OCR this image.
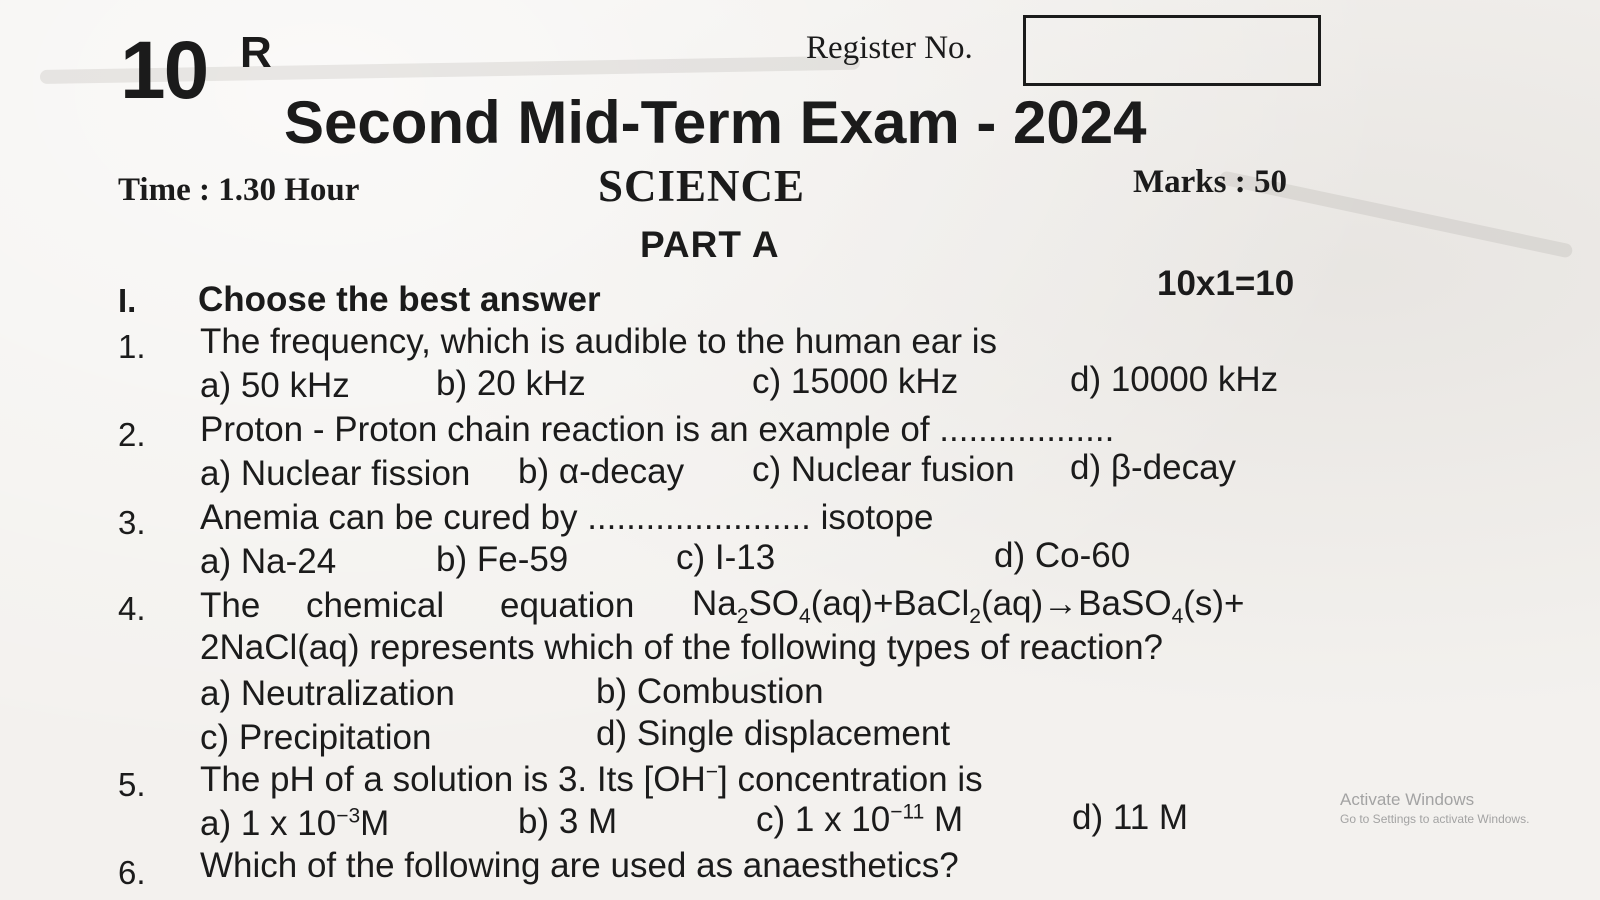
10 R	Register No.
Second Mid-Term Exam - 2024
Time : 1.30 Hour	SCIENCE	Marks : 50
PART A
I. Choose the best answer	10x1=10
1. The frequency, which is audible to the human ear is
a) 50 kHz b) 20 kHz	c) 15000 kHz	d) 10000 kHz
2. Proton - Proton chain reaction is an example of ..................
a) Nuclear fission b) α-decay c) Nuclear fusion d) β-decay
3. Anemia can be cured by ....................... isotope
a) Na-24	b) Fe-59	c) I-13	d) Co-60
4. The chemical equation $Na_2SO_4(aq)+BaCl_2(aq)\to BaSO_4(s)+$
2NaCl(aq) represents which of the following types of reaction?
a) Neutralization	b) Combustion
c) Precipitation	d) Single displacement
5. The pH of a solution is 3. Its [OH−] concentration is
a) 1 x $10^{-3}M$	b) 3 M	c) 1 x $10^{-11}$ M	d) 11 M
6. Which of the following are used as anaesthetics?
Activate Windows
Go to Settings to activate Windows.
